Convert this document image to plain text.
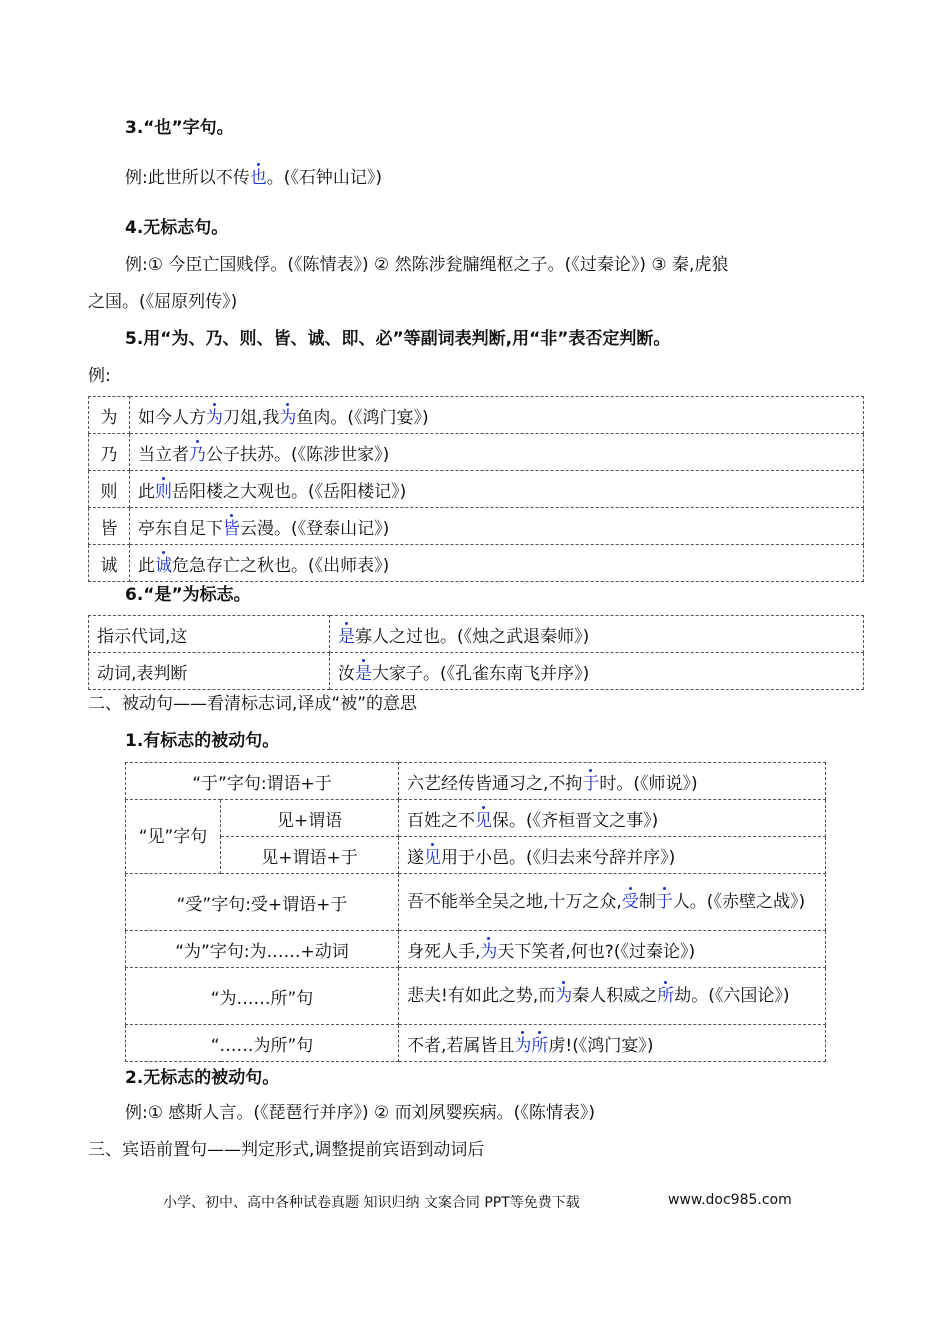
3.“也”字句。
例:此世所以不传也。(《石钟山记》)
4.无标志句。
例:① 今臣亡国贱俘。(《陈情表》) ② 然陈涉瓮牖绳枢之子。(《过秦论》) ③ 秦,虎狼
之国。(《屈原列传》)
5.用“为、乃、则、皆、诚、即、必”等副词表判断,用“非”表否定判断。
例:
为	如今人方为刀俎,我为鱼肉。(《鸿门宴》)
乃	当立者乃公子扶苏。(《陈涉世家》)
则	此则岳阳楼之大观也。(《岳阳楼记》)
皆	亭东自足下皆云漫。(《登泰山记》)
诚	此诚危急存亡之秋也。(《出师表》)
6.“是”为标志。
指示代词,这	是寡人之过也。(《烛之武退秦师》)
动词,表判断	汝是大家子。(《孔雀东南飞并序》)
二、被动句——看清标志词,译成“被”的意思
1.有标志的被动句。
“于”字句:谓语+于		六艺经传皆通习之,不拘于时。(《师说》)
“见”字句	见+谓语	百姓之不见保。(《齐桓晋文之事》)
	见+谓语+于	遂见用于小邑。(《归去来兮辞并序》)
“受”字句:受+谓语+于		吾不能举全吴之地,十万之众,受制于人。(《赤壁之战》)
“为”字句:为……+动词		身死人手,为天下笑者,何也?(《过秦论》)
“为……所”句		悲夫!有如此之势,而为秦人积威之所劫。(《六国论》)
“……为所”句		不者,若属皆且为所虏!(《鸿门宴》)
2.无标志的被动句。
例:① 感斯人言。(《琵琶行并序》) ② 而刘夙婴疾病。(《陈情表》)
三、宾语前置句——判定形式,调整提前宾语到动词后
小学、初中、高中各种试卷真题 知识归纳 文案合同 PPT等免费下载	www.doc985.com
